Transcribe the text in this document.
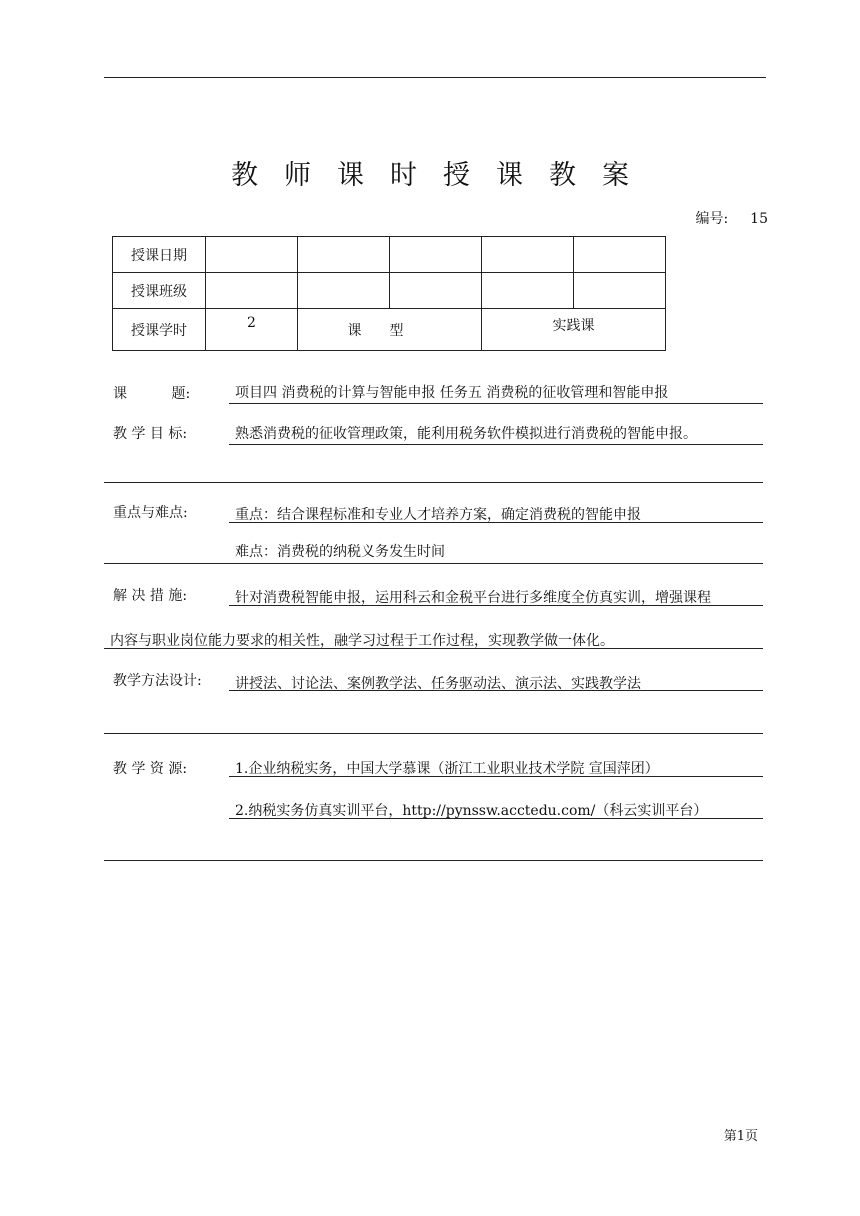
教师课时授课教案
编号: 15
授课日期					
授课班级					
授课学时	2	课型		实践课	
课          题:	项目四 消费税的计算与智能申报 任务五 消费税的征收管理和智能申报
教 学 目 标:	熟悉消费税的征收管理政策，能利用税务软件模拟进行消费税的智能申报。
重点与难点:	重点：结合课程标准和专业人才培养方案，确定消费税的智能申报
难点：消费税的纳税义务发生时间
解 决 措 施:	针对消费税智能申报，运用科云和金税平台进行多维度全仿真实训，增强课程
内容与职业岗位能力要求的相关性，融学习过程于工作过程，实现教学做一体化。
教学方法设计: 讲授法、讨论法、案例教学法、任务驱动法、演示法、实践教学法
教 学 资 源:	1.企业纳税实务，中国大学慕课（浙江工业职业技术学院 宣国萍团）
2.纳税实务仿真实训平台，http://pynssw.acctedu.com/（科云实训平台）
第1页
